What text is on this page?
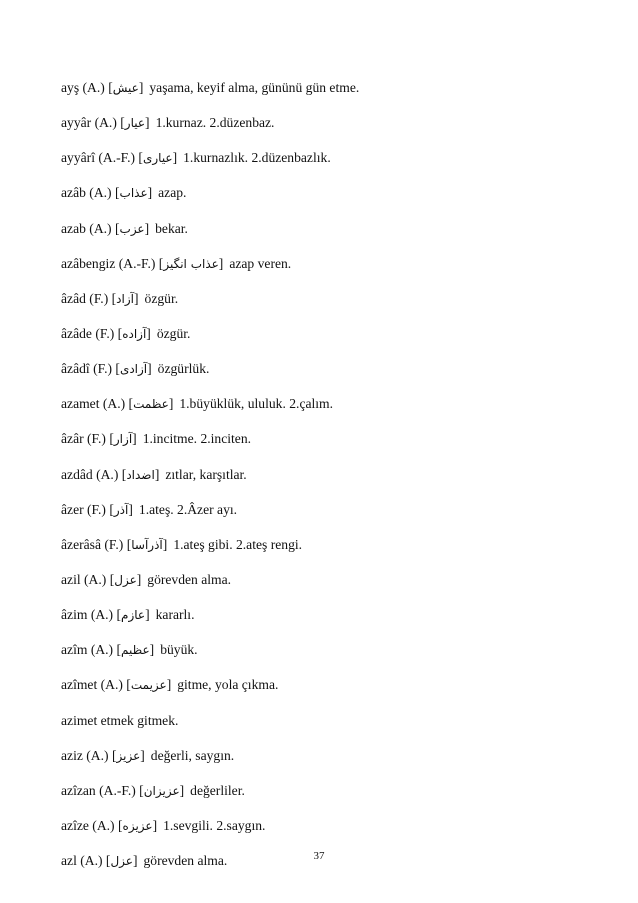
ayş (A.) [عيش] yaşama, keyif alma, gününü gün etme.
ayyâr (A.) [عيار] 1.kurnaz. 2.düzenbaz.
ayyârî (A.-F.) [عيارى] 1.kurnazlık. 2.düzenbazlık.
azâb (A.) [عذاب] azap.
azab (A.) [عزب] bekar.
azâbengiz (A.-F.) [عذاب انگيز] azap veren.
âzâd (F.) [آزاد] özgür.
âzâde (F.) [آزاده] özgür.
âzâdî (F.) [آزادى] özgürlük.
azamet (A.) [عظمت] 1.büyüklük, ululuk. 2.çalım.
âzâr (F.) [آزار] 1.incitme. 2.inciten.
azdâd (A.) [اضداد] zıtlar, karşıtlar.
âzer (F.) [آذر] 1.ateş. 2.Âzer ayı.
âzerâsâ (F.) [آذرآسا] 1.ateş gibi. 2.ateş rengi.
azil (A.) [عزل] görevden alma.
âzim (A.) [عازم] kararlı.
azîm (A.) [عظيم] büyük.
azîmet (A.) [عزيمت] gitme, yola çıkma.
azimet etmek gitmek.
aziz (A.) [عزيز] değerli, saygın.
azîzan (A.-F.) [عزيزان] değerliler.
azîze (A.) [عزيزه] 1.sevgili. 2.saygın.
azl (A.) [عزل] görevden alma.	37
